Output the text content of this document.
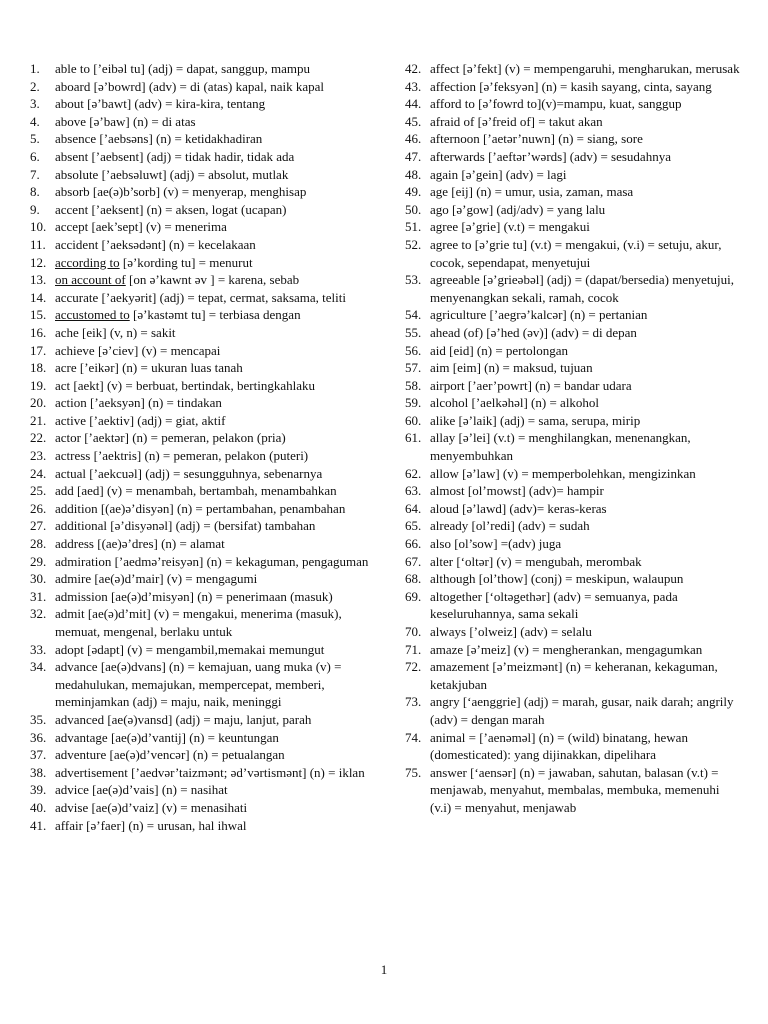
1.	able to [’eibəl tu] (adj) = dapat, sanggup, mampu
2.	aboard [ə’bowrd] (adv) = di (atas) kapal, naik kapal
3.	about [ə’bawt] (adv) = kira-kira, tentang
4.	above [ə’baw] (n) = di atas
5.	absence [’aebsəns] (n) = ketidakhadiran
6.	absent [’aebsent] (adj) = tidak hadir, tidak ada
7.	absolute [’aebsəluwt] (adj) = absolut, mutlak
8.	absorb [ae(ə)b’sorb] (v) = menyerap, menghisap
9.	accent [’aeksent] (n) = aksen, logat (ucapan)
10. accept [aek’sept] (v) = menerima
11. accident [’aeksədənt] (n) = kecelakaan
12. according to [ə’kording tu] = menurut
13. on account of [on ə’kawnt əv ] = karena, sebab
14. accurate [’aekyərit] (adj) = tepat, cermat, saksama, teliti
15. accustomed to [ə’kastəmt tu] = terbiasa dengan
16. ache [eik] (v, n) = sakit
17. achieve [ə’ciev] (v) = mencapai
18. acre [’eikər] (n) = ukuran luas tanah
19. act [aekt] (v) = berbuat, bertindak, bertingkahlaku
20. action [’aeksyən] (n) = tindakan
21. active [’aektiv] (adj) = giat, aktif
22. actor [’aektər] (n) = pemeran, pelakon (pria)
23. actress [’aektris] (n) = pemeran, pelakon (puteri)
24. actual [’aekcuəl] (adj) = sesungguhnya, sebenarnya
25. add [aed] (v) = menambah, bertambah, menambahkan
26. addition [(ae)ə’disyən] (n) = pertambahan, penambahan
27. additional [ə’disyənəl] (adj) = (bersifat) tambahan
28. address [(ae)ə’dres] (n) = alamat
29. admiration [’aedmə’reisyən] (n) = kekaguman, pengaguman
30. admire [ae(ə)d’mair] (v) = mengagumi
31. admission [ae(ə)d’misyən] (n) = penerimaan (masuk)
32. admit [ae(ə)d’mit] (v) = mengakui, menerima (masuk), memuat, mengenal, berlaku untuk
33. adopt [ədapt] (v) = mengambil,memakai memungut
34. advance [ae(ə)dvans] (n) = kemajuan, uang muka (v) = medahulukan, memajukan, mempercepat, memberi, meminjamkan (adj) = maju, naik, meninggi
35. advanced [ae(ə)vansd] (adj) = maju, lanjut, parah
36. advantage [ae(ə)d’vantij] (n) = keuntungan
37. adventure [ae(ə)d’vencər] (n) = petualangan
38. advertisement [’aedvər’taizmənt; əd’vərtismənt] (n) = iklan
39. advice [ae(ə)d’vais] (n) = nasihat
40. advise [ae(ə)d’vaiz] (v) = menasihati
41. affair [ə’faer] (n) = urusan, hal ihwal
42. affect [ə’fekt] (v) = mempengaruhi, mengharukan, merusak
43. affection [ə’feksyən] (n) = kasih sayang, cinta, sayang
44. afford to [ə’fowrd to](v)=mampu, kuat, sanggup
45. afraid of [ə’freid of] = takut akan
46. afternoon [’aetər’nuwn] (n) = siang, sore
47. afterwards [’aeftər’wərds] (adv) = sesudahnya
48. again [ə’gein] (adv) = lagi
49. age [eij] (n) = umur, usia, zaman, masa
50. ago [ə’gow] (adj/adv) = yang lalu
51. agree [ə’grie] (v.t) = mengakui
52. agree to [ə’grie tu] (v.t) = mengakui, (v.i) = setuju, akur, cocok, sependapat, menyetujui
53. agreeable [ə’grieəbəl] (adj) = (dapat/bersedia) menyetujui, menyenangkan sekali, ramah, cocok
54. agriculture [’aegrə’kalcər] (n) = pertanian
55. ahead (of) [ə’hed (əv)] (adv) = di depan
56. aid [eid] (n) = pertolongan
57. aim [eim] (n) = maksud, tujuan
58. airport [’aer’powrt] (n) = bandar udara
59. alcohol [’aelkəhəl] (n) = alkohol
60. alike [ə’laik] (adj) = sama, serupa, mirip
61. allay [ə’lei] (v.t) = menghilangkan, menenangkan, menyembuhkan
62. allow [ə’law] (v) = memperbolehkan, mengizinkan
63. almost [ol’mowst] (adv)= hampir
64. aloud [ə’lawd] (adv)= keras-keras
65. already [ol’redi] (adv) = sudah
66. also [ol’sow] =(adv) juga
67. alter [‘oltər] (v) = mengubah, merombak
68. although [ol’thow] (conj) = meskipun, walaupun
69. altogether [‘oltəgethər] (adv) = semuanya, pada keseluruhannya, sama sekali
70. always [’olweiz] (adv) = selalu
71. amaze [ə’meiz] (v) = mengherankan, mengagumkan
72. amazement [ə’meizmənt] (n) = keheranan, kekaguman, ketakjuban
73. angry [‘aenggrie] (adj) = marah, gusar, naik darah; angrily (adv) = dengan marah
74. animal = [’aenəməl] (n) = (wild) binatang, hewan (domesticated): yang dijinakkan, dipelihara
75. answer [‘aensər] (n) = jawaban, sahutan, balasan (v.t) = menjawab, menyahut, membalas, membuka, memenuhi (v.i) = menyahut, menjawab
1
